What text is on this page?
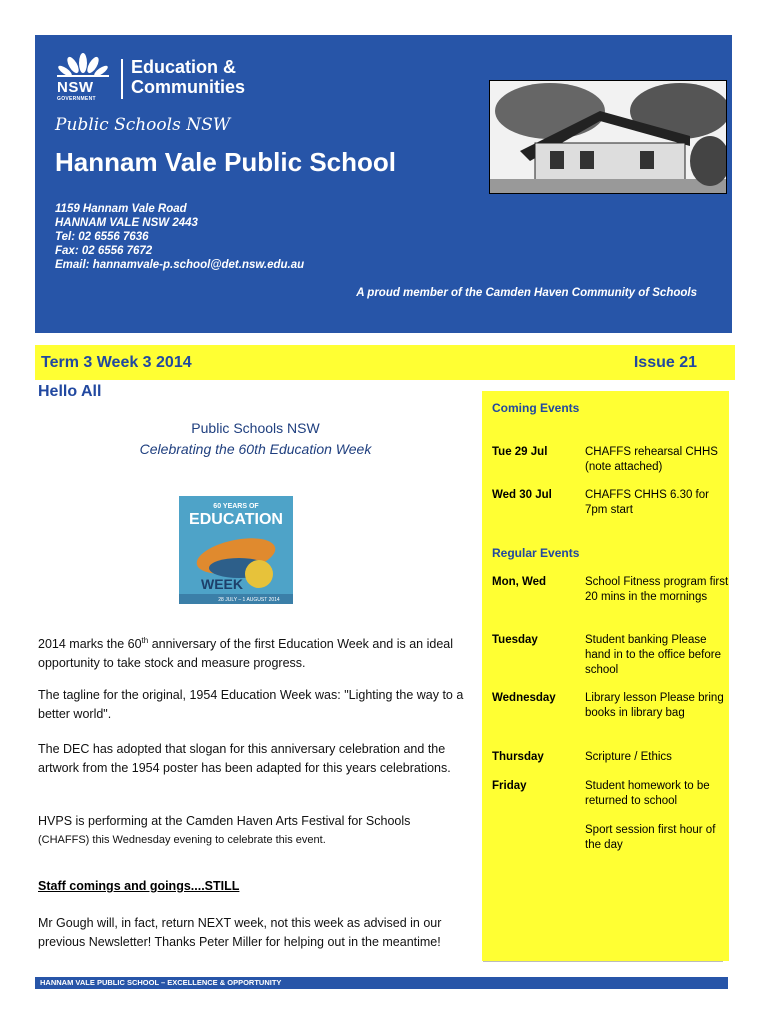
NSW
GOVERNMENT
Education &
Communities
Public Schools NSW
Hannam Vale Public School
1159 Hannam Vale Road
HANNAM VALE NSW 2443
Tel: 02 6556 7636
Fax: 02 6556 7672
Email: hannamvale-p.school@det.nsw.edu.au
A proud member of the Camden Haven Community of Schools
Term 3 Week 3 2014	Issue 21
Hello All
Public Schools NSW
Celebrating the 60th Education Week
60 YEARS OF
EDUCATION
WEEK
28 JULY – 1 AUGUST 2014
2014 marks the 60th anniversary of the first Education Week and is an ideal opportunity to take stock and measure progress.
The tagline for the original, 1954 Education Week was: "Lighting the way to a better world".
The DEC has adopted that slogan for this anniversary celebration and the artwork from the 1954 poster has been adapted for this years celebrations.
HVPS is performing at the Camden Haven Arts Festival for Schools
(CHAFFS) this Wednesday evening to celebrate this event.
Staff comings and goings....STILL
Mr Gough will, in fact, return NEXT week, not this week as advised in our previous Newsletter! Thanks Peter Miller for helping out in the meantime!
Coming Events
Tue 29 Jul	CHAFFS rehearsal CHHS (note attached)
Wed 30 Jul	CHAFFS CHHS 6.30 for 7pm start
Regular Events
Mon, Wed	School Fitness program first 20 mins in the mornings
Tuesday	Student banking Please hand in to the office before school
Wednesday	Library lesson Please bring books in library bag
Thursday	Scripture / Ethics
Friday	Student homework to be returned to school
Sport session first hour of the day
HANNAM VALE PUBLIC SCHOOL – EXCELLENCE & OPPORTUNITY
